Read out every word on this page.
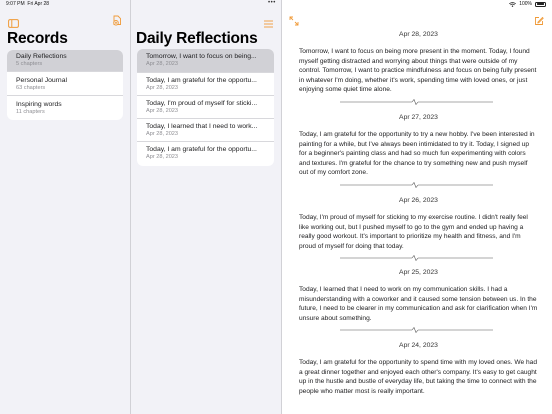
Records
Daily Reflections
5 chapters
Personal Journal
63 chapters
Inspiring words
11 chapters
Daily Reflections
Tomorrow, I want to focus on being...
Apr 28, 2023
Today, I am grateful for the opportu...
Apr 28, 2023
Today, I'm proud of myself for sticki...
Apr 28, 2023
Today, I learned that I need to work...
Apr 28, 2023
Today, I am grateful for the opportu...
Apr 28, 2023
Apr 28, 2023
Tomorrow, I want to focus on being more present in the moment. Today, I found myself getting distracted and worrying about things that were outside of my control. Tomorrow, I want to practice mindfulness and focus on being fully present in whatever I'm doing, whether it's work, spending time with loved ones, or just enjoying some quiet time alone.
Apr 27, 2023
Today, I am grateful for the opportunity to try a new hobby. I've been interested in painting for a while, but I've always been intimidated to try it. Today, I signed up for a beginner's painting class and had so much fun experimenting with colors and textures. I'm grateful for the chance to try something new and push myself out of my comfort zone.
Apr 26, 2023
Today, I'm proud of myself for sticking to my exercise routine. I didn't really feel like working out, but I pushed myself to go to the gym and ended up having a really good workout. It's important to prioritize my health and fitness, and I'm proud of myself for doing that today.
Apr 25, 2023
Today, I learned that I need to work on my communication skills. I had a misunderstanding with a coworker and it caused some tension between us. In the future, I need to be clearer in my communication and ask for clarification when I'm unsure about something.
Apr 24, 2023
Today, I am grateful for the opportunity to spend time with my loved ones. We had a great dinner together and enjoyed each other's company. It's easy to get caught up in the hustle and bustle of everyday life, but taking the time to connect with the people who matter most is really important.
9:07 PM Fri Apr 28	•••	100%
